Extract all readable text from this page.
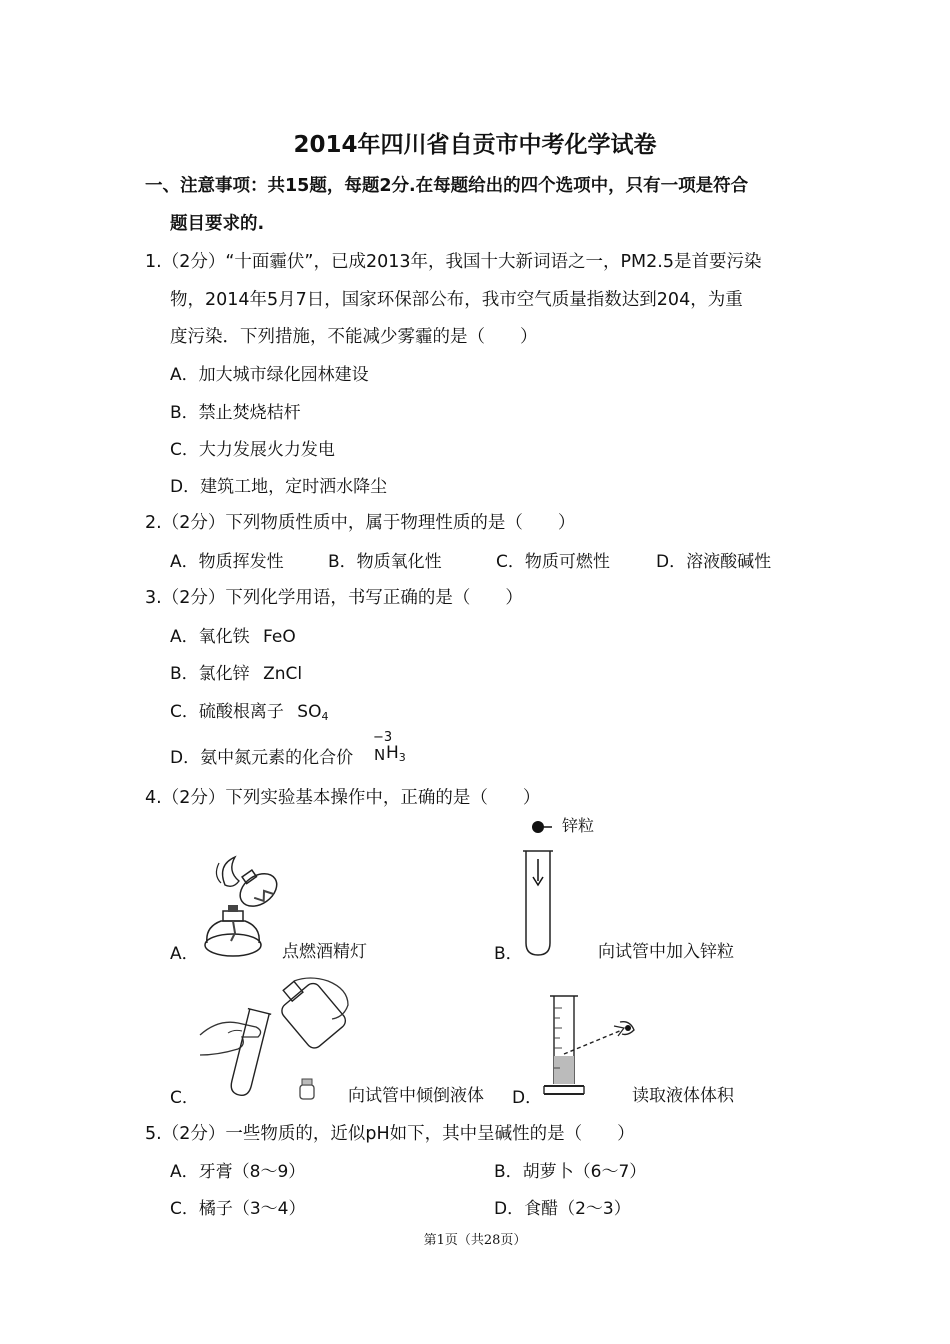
2014年四川省自贡市中考化学试卷
一、注意事项：共15题，每题2分.在每题给出的四个选项中，只有一项是符合
题目要求的.
1.（2分）“十面霾伏”，已成2013年，我国十大新词语之一，PM2.5是首要污染
物，2014年5月7日，国家环保部公布，我市空气质量指数达到204，为重
度污染．下列措施，不能减少雾霾的是（　　）
A．加大城市绿化园林建设
B．禁止焚烧桔杆
C．大力发展火力发电
D．建筑工地，定时洒水降尘
2.（2分）下列物质性质中，属于物理性质的是（　　）
A．物质挥发性	B．物质氧化性	C．物质可燃性	D．溶液酸碱性
3.（2分）下列化学用语，书写正确的是（　　）
A．氧化铁 FeO
B．氯化锌 ZnCl
C．硫酸根离子 $SO_4$
D．氨中氮元素的化合价
−3
N $H_3$
4.（2分）下列实验基本操作中，正确的是（　　）
A．	点燃酒精灯
锌粒
B．	向试管中加入锌粒
C．	向试管中倾倒液体 D．	读取液体体积
5.（2分）一些物质的，近似pH如下，其中呈碱性的是（　　）
A．牙膏（8～9）	B．胡萝卜（6～7）
C．橘子（3～4）	D．食醋（2～3）
第1页（共28页）
